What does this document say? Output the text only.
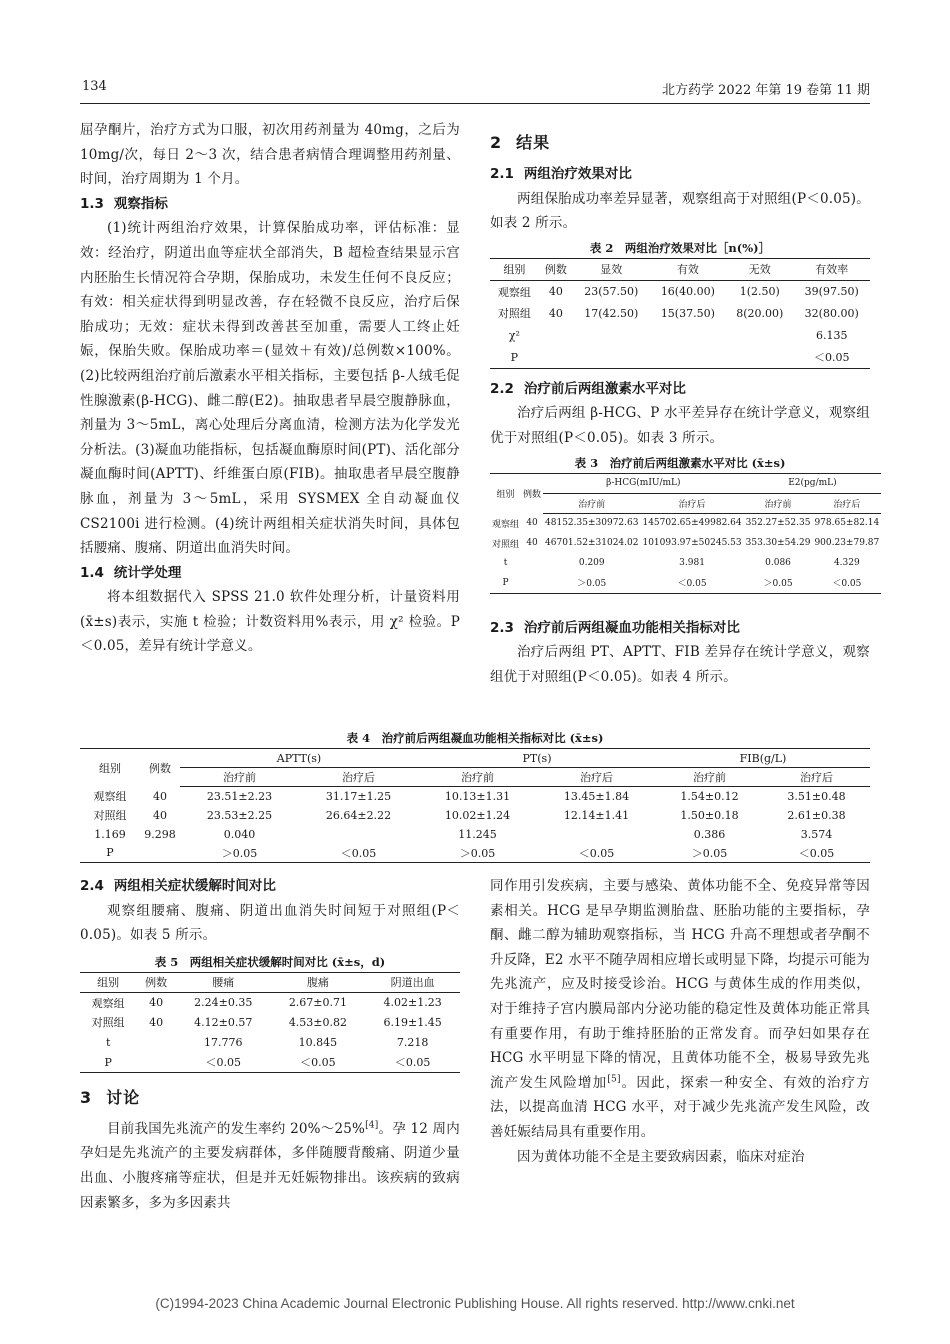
134	北方药学 2022 年第 19 卷第 11 期

屈孕酮片，治疗方式为口服，初次用药剂量为 40mg，之后为 10mg/次，每日 2～3 次，结合患者病情合理调整用药剂量、时间，治疗周期为 1 个月。

1.3 观察指标

(1)统计两组治疗效果，计算保胎成功率，评估标准：显效：经治疗，阴道出血等症状全部消失，B 超检查结果显示宫内胚胎生长情况符合孕期，保胎成功，未发生任何不良反应；有效：相关症状得到明显改善，存在轻微不良反应，治疗后保胎成功；无效：症状未得到改善甚至加重，需要人工终止妊娠，保胎失败。保胎成功率＝(显效＋有效)/总例数×100%。(2)比较两组治疗前后激素水平相关指标，主要包括 β-人绒毛促性腺激素(β-HCG)、雌二醇(E2)。抽取患者早晨空腹静脉血，剂量为 3～5mL，离心处理后分离血清，检测方法为化学发光分析法。(3)凝血功能指标，包括凝血酶原时间(PT)、活化部分凝血酶时间(APTT)、纤维蛋白原(FIB)。抽取患者早晨空腹静脉血，剂量为 3～5mL，采用 SYSMEX 全自动凝血仪 CS2100i 进行检测。(4)统计两组相关症状消失时间，具体包括腰痛、腹痛、阴道出血消失时间。

1.4 统计学处理

将本组数据代入 SPSS 21.0 软件处理分析，计量资料用 (x̄±s)表示，实施 t 检验；计数资料用%表示，用 χ² 检验。P＜0.05，差异有统计学意义。

2 结果
2.1 两组治疗效果对比

两组保胎成功率差异显著，观察组高于对照组(P＜0.05)。如表 2 所示。

表 2　两组治疗效果对比［n(%)］
组别	例数	显效	有效	无效	有效率
观察组	40	23(57.50)	16(40.00)	1(2.50)	39(97.50)
对照组	40	17(42.50)	15(37.50)	8(20.00)	32(80.00)
χ²					6.135
P					＜0.05
2.2 治疗前后两组激素水平对比

治疗后两组 β-HCG、P 水平差异存在统计学意义，观察组优于对照组(P＜0.05)。如表 3 所示。

表 3　治疗前后两组激素水平对比 (x̄±s)
组别	例数	β-HCG(mIU/mL)		E2(pg/mL)	
		治疗前	治疗后	治疗前	治疗后
观察组	40	48152.35±30972.63	145702.65±49982.64	352.27±52.35	978.65±82.14
对照组	40	46701.52±31024.02	101093.97±50245.53	353.30±54.29	900.23±79.87
t		0.209	3.981	0.086	4.329
P		＞0.05	＜0.05	＞0.05	＜0.05
2.3 治疗前后两组凝血功能相关指标对比

治疗后两组 PT、APTT、FIB 差异存在统计学意义，观察组优于对照组(P＜0.05)。如表 4 所示。

表 4　治疗前后两组凝血功能相关指标对比 (x̄±s)
组别	例数	APTT(s)		PT(s)		FIB(g/L)	
		治疗前	治疗后	治疗前	治疗后	治疗前	治疗后
观察组	40	23.51±2.23	31.17±1.25	10.13±1.31	13.45±1.84	1.54±0.12	3.51±0.48
对照组	40	23.53±2.25	26.64±2.22	10.02±1.24	12.14±1.41	1.50±0.18	2.61±0.38
1.169	9.298	0.040		11.245		0.386	3.574
P		＞0.05	＜0.05	＞0.05	＜0.05	＞0.05	＜0.05
2.4 两组相关症状缓解时间对比

观察组腰痛、腹痛、阴道出血消失时间短于对照组(P＜0.05)。如表 5 所示。

表 5　两组相关症状缓解时间对比 (x̄±s，d)
组别	例数	腰痛	腹痛	阴道出血
观察组	40	2.24±0.35	2.67±0.71	4.02±1.23
对照组	40	4.12±0.57	4.53±0.82	6.19±1.45
t		17.776	10.845	7.218
P		＜0.05	＜0.05	＜0.05
3 讨论

目前我国先兆流产的发生率约 20%～25%[4]。孕 12 周内孕妇是先兆流产的主要发病群体，多伴随腰背酸痛、阴道少量出血、小腹疼痛等症状，但是并无妊娠物排出。该疾病的致病因素繁多，多为多因素共

同作用引发疾病，主要与感染、黄体功能不全、免疫异常等因素相关。HCG 是早孕期监测胎盘、胚胎功能的主要指标，孕酮、雌二醇为辅助观察指标，当 HCG 升高不理想或者孕酮不升反降，E2 水平不随孕周相应增长或明显下降，均提示可能为先兆流产，应及时接受诊治。HCG 与黄体生成的作用类似，对于维持子宫内膜局部内分泌功能的稳定性及黄体功能正常具有重要作用，有助于维持胚胎的正常发育。而孕妇如果存在 HCG 水平明显下降的情况，且黄体功能不全，极易导致先兆流产发生风险增加[5]。因此，探索一种安全、有效的治疗方法，以提高血清 HCG 水平，对于减少先兆流产发生风险，改善妊娠结局具有重要作用。

因为黄体功能不全是主要致病因素，临床对症治

(C)1994-2023 China Academic Journal Electronic Publishing House. All rights reserved. http://www.cnki.net
